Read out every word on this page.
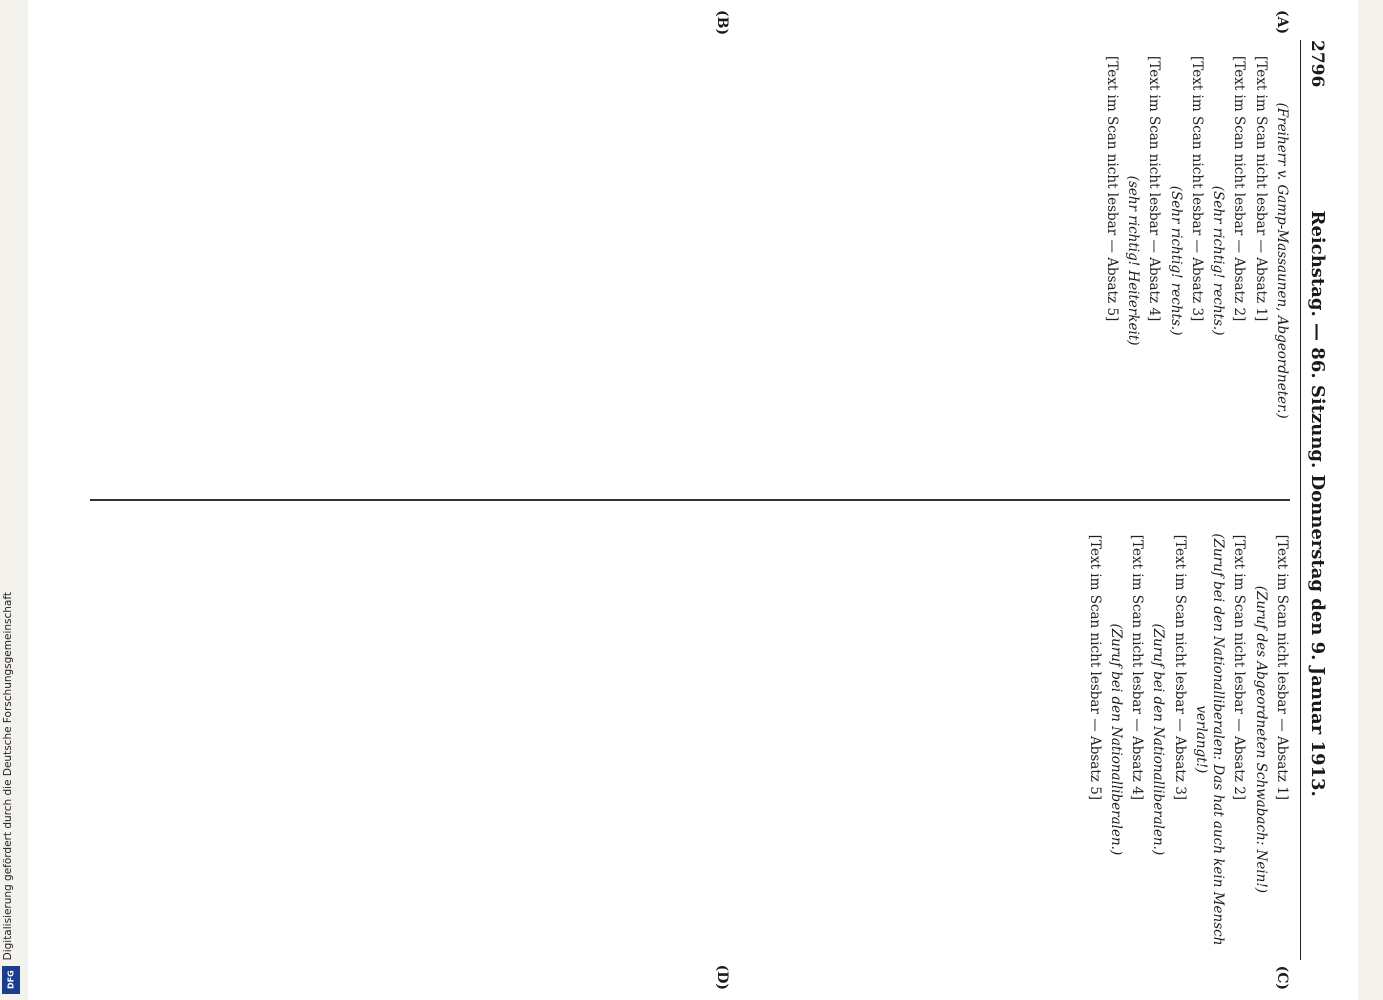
2796
Reichstag. — 86. Sitzung. Donnerstag den 9. Januar 1913.

(Freiherr v. Gamp-Massaunen, Abgeordneter.)

[Text im Scan nicht lesbar — Absatz 1]

[Text im Scan nicht lesbar — Absatz 2]

(Sehr richtig! rechts.)

[Text im Scan nicht lesbar — Absatz 3]

(Sehr richtig! rechts.)

[Text im Scan nicht lesbar — Absatz 4]

(sehr richtig! Heiterkeit)

[Text im Scan nicht lesbar — Absatz 5]

(A)
(B)

[Text im Scan nicht lesbar — Absatz 1]

(Zuruf des Abgeordneten Schwabach: Nein!)

[Text im Scan nicht lesbar — Absatz 2]

(Zuruf bei den Nationalliberalen: Das hat auch kein Mensch verlangt!)

[Text im Scan nicht lesbar — Absatz 3]

(Zuruf bei den Nationalliberalen.)

[Text im Scan nicht lesbar — Absatz 4]

(Zuruf bei den Nationalliberalen.)

[Text im Scan nicht lesbar — Absatz 5]

(C)
(D)
Digitalisierung gefördert durch die Deutsche Forschungsgemeinschaft
DFG
